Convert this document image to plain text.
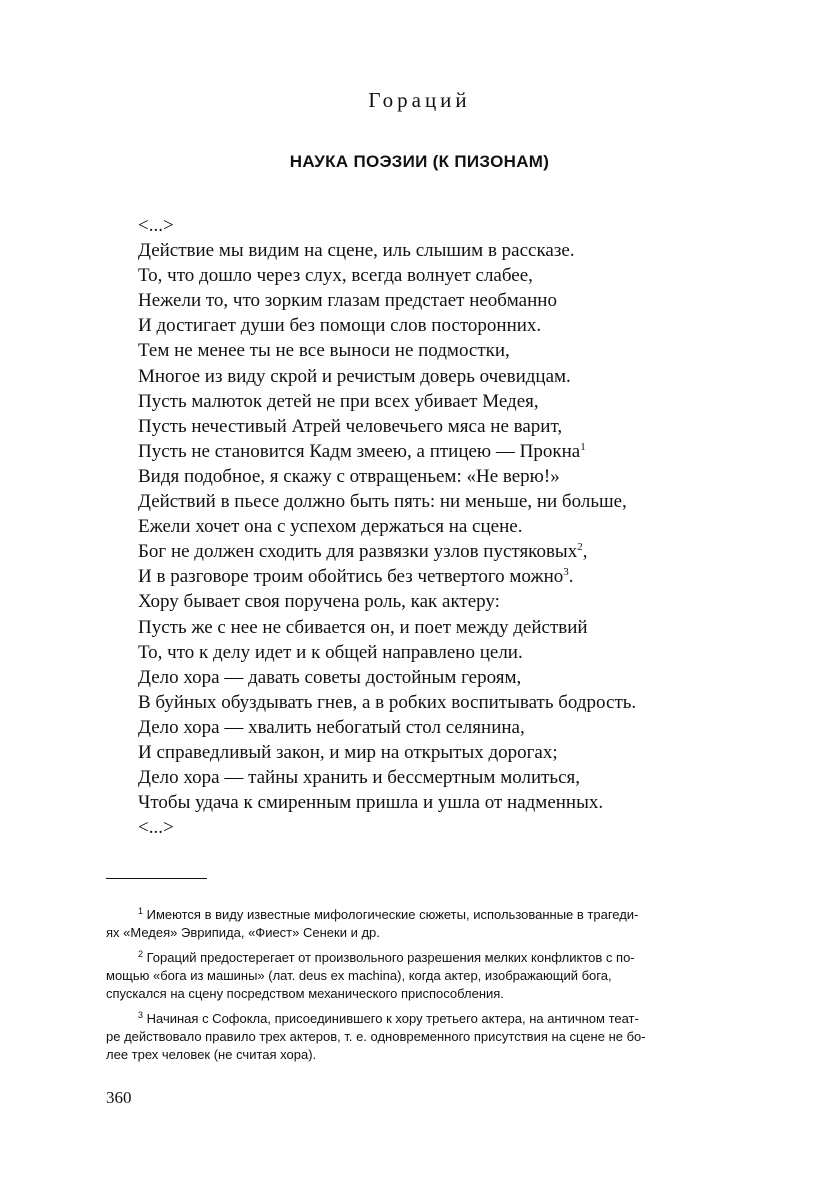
Гораций
НАУКА ПОЭЗИИ (К ПИЗОНАМ)
<...>
Действие мы видим на сцене, иль слышим в рассказе.
То, что дошло через слух, всегда волнует слабее,
Нежели то, что зорким глазам предстает необманно
И достигает души без помощи слов посторонних.
Тем не менее ты не все выноси не подмостки,
Многое из виду скрой и речистым доверь очевидцам.
Пусть малюток детей не при всех убивает Медея,
Пусть нечестивый Атрей человечьего мяса не варит,
Пусть не становится Кадм змеею, а птицею — Прокна$^1$
Видя подобное, я скажу с отвращеньем: «Не верю!»
Действий в пьесе должно быть пять: ни меньше, ни больше,
Ежели хочет она с успехом держаться на сцене.
Бог не должен сходить для развязки узлов пустяковых$^2$,
И в разговоре троим обойтись без четвертого можно$^3$.
Хору бывает своя поручена роль, как актеру:
Пусть же с нее не сбивается он, и поет между действий
То, что к делу идет и к общей направлено цели.
Дело хора — давать советы достойным героям,
В буйных обуздывать гнев, а в робких воспитывать бодрость.
Дело хора — хвалить небогатый стол селянина,
И справедливый закон, и мир на открытых дорогах;
Дело хора — тайны хранить и бессмертным молиться,
Чтобы удача к смиренным пришла и ушла от надменных.
<...>
$^1$ Имеются в виду известные мифологические сюжеты, использованные в трагеди-
ях «Медея» Эврипида, «Фиест» Сенеки и др.
$^2$ Гораций предостерегает от произвольного разрешения мелких конфликтов с по-
мощью «бога из машины» (лат. deus ex machina), когда актер, изображающий бога,
спускался на сцену посредством механического приспособления.
$^3$ Начиная с Софокла, присоединившего к хору третьего актера, на античном теат-
ре действовало правило трех актеров, т. е. одновременного присутствия на сцене не бо-
лее трех человек (не считая хора).
360
